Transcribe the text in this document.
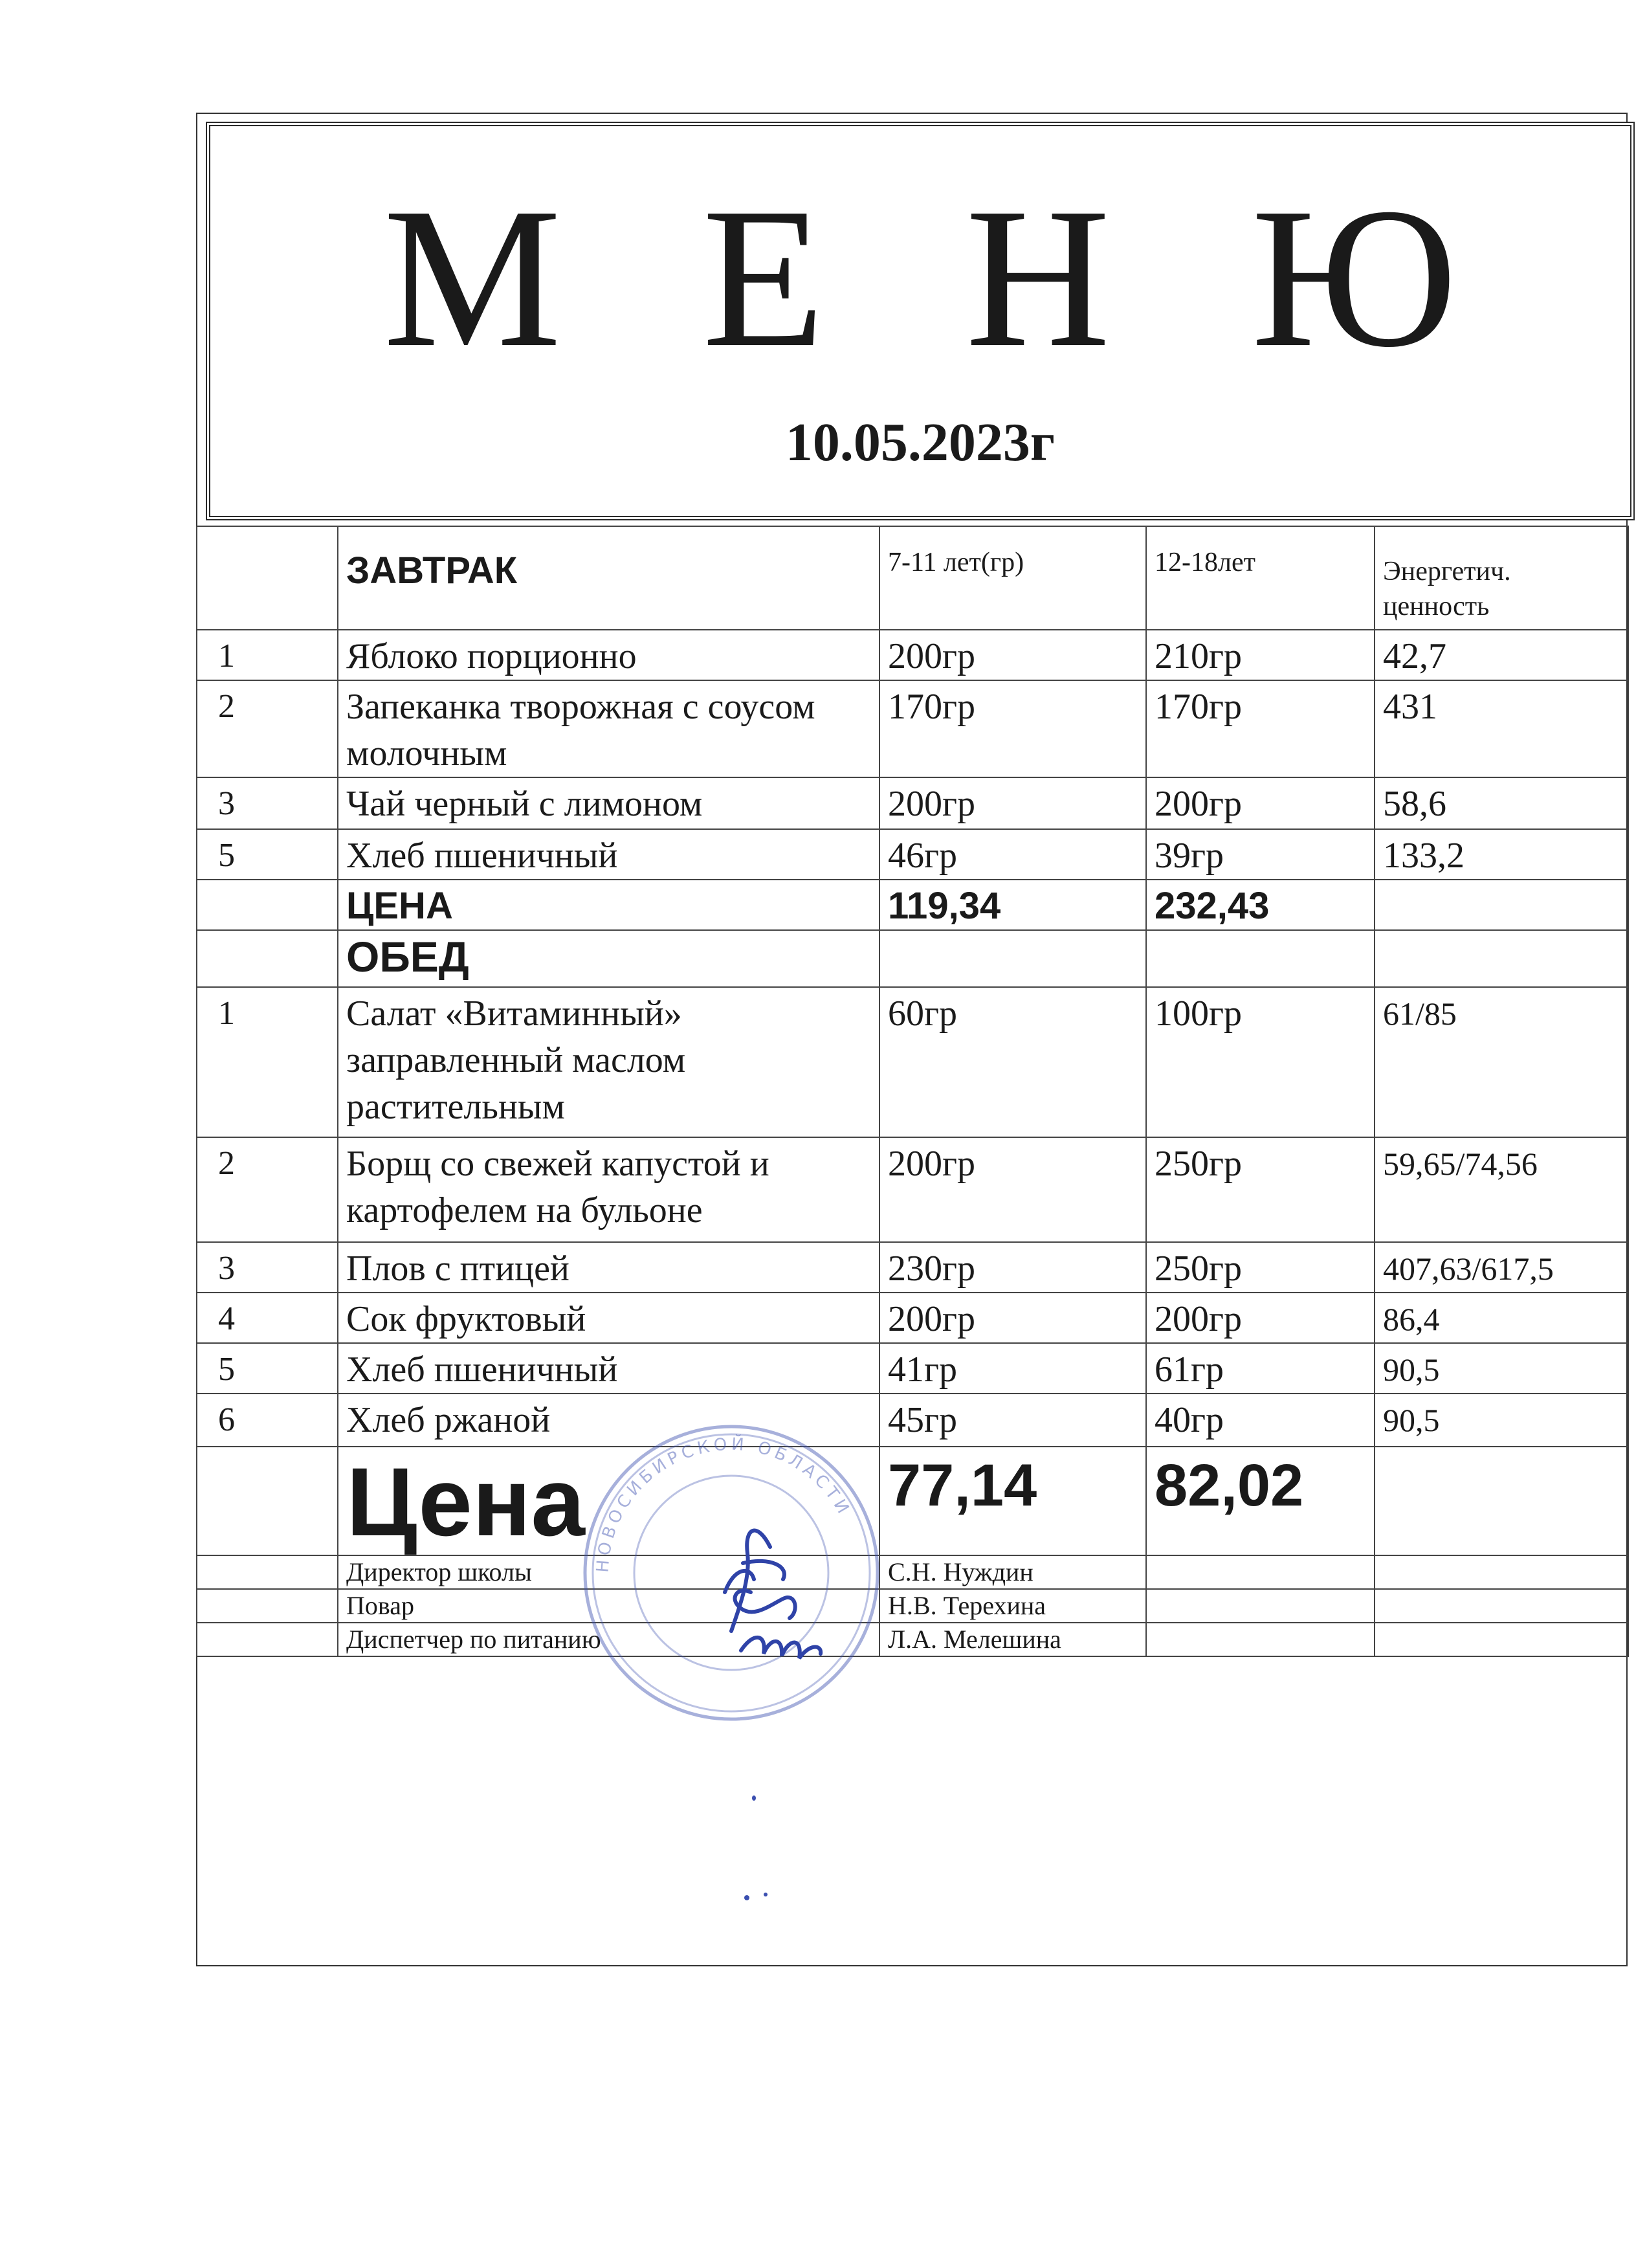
М Е Н Ю
10.05.2023г
	ЗАВТРАК	7-11 лет(гр)	12-18лет	Энергетич. ценность
1	Яблоко порционно	200гр	210гр	42,7
2	Запеканка творожная с соусом молочным	170гр	170гр	431
3	Чай черный с лимоном	200гр	200гр	58,6
5	Хлеб пшеничный	46гр	39гр	133,2
	ЦЕНА	119,34	232,43	
	ОБЕД			
1	Салат «Витаминный» заправленный маслом растительным	60гр	100гр	61/85
2	Борщ со свежей капустой и картофелем на бульоне	200гр	250гр	59,65/74,56
3	Плов с птицей	230гр	250гр	407,63/617,5
4	Сок фруктовый	200гр	200гр	86,4
5	Хлеб пшеничный	41гр	61гр	90,5
6	Хлеб ржаной	45гр	40гр	90,5
	Цена	77,14	82,02	
	Директор школы	С.Н. Нуждин		
	Повар	Н.В. Терехина		
	Диспетчер по питанию	Л.А. Мелешина		
НОВОСИБИРСКОЙ ОБЛАСТИ
